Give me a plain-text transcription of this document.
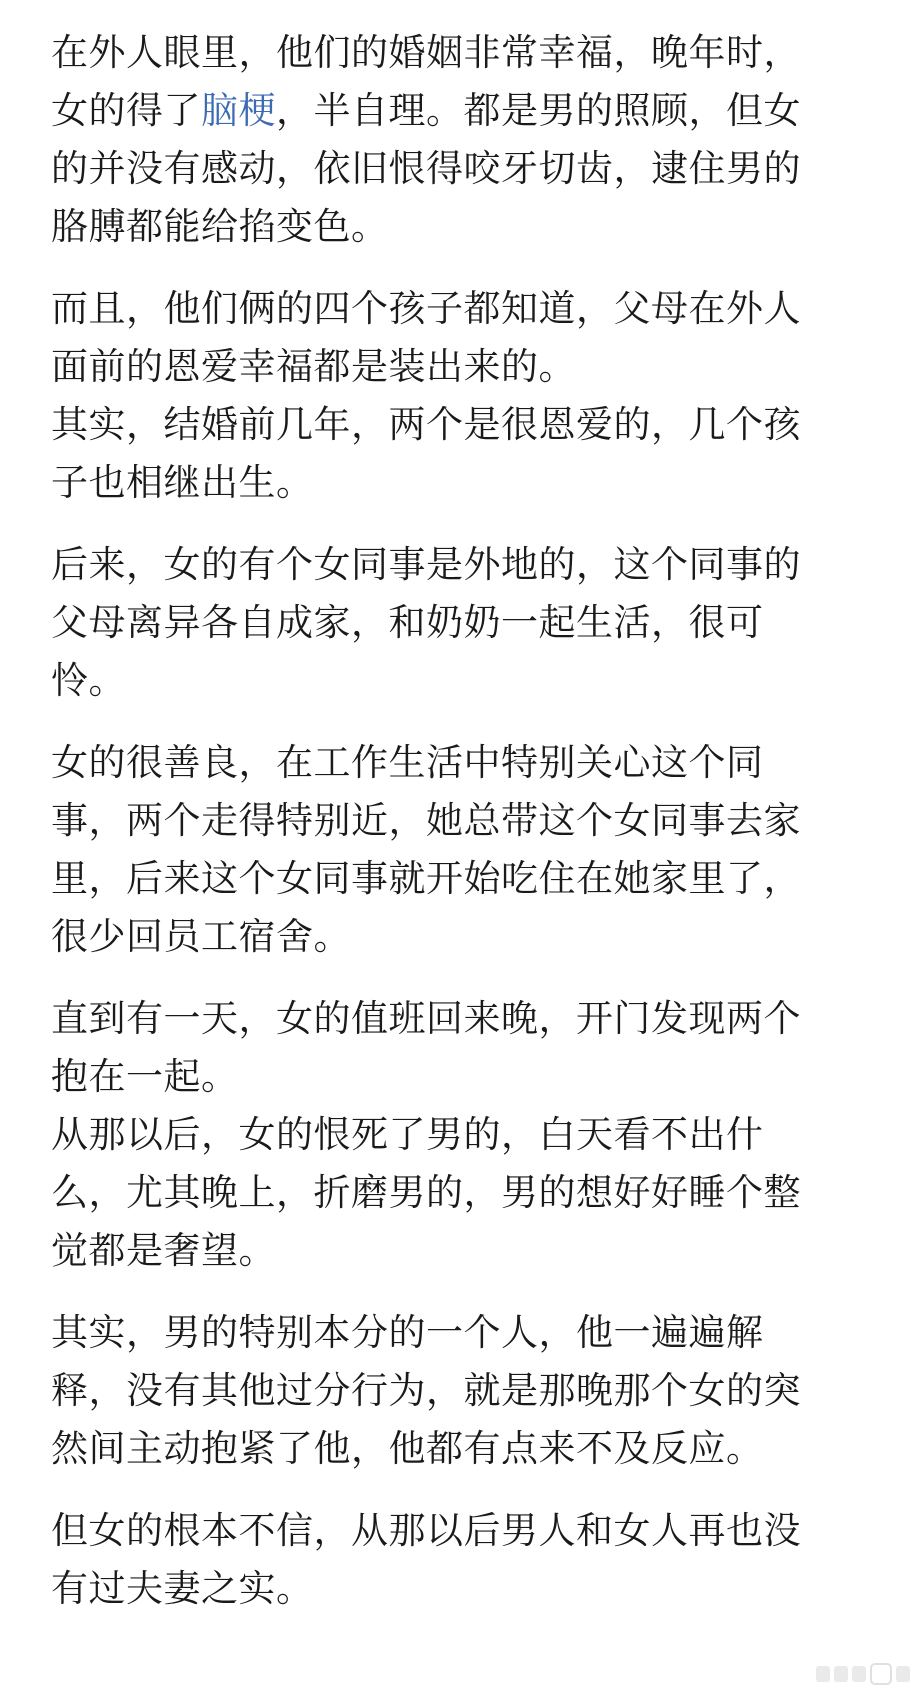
在外人眼里，他们的婚姻非常幸福，晚年时，
女的得了脑梗，半自理。都是男的照顾，但女
的并没有感动，依旧恨得咬牙切齿，逮住男的
胳膊都能给掐变色。

而且，他们俩的四个孩子都知道，父母在外人
面前的恩爱幸福都是装出来的。

其实，结婚前几年，两个是很恩爱的，几个孩
子也相继出生。

后来，女的有个女同事是外地的，这个同事的
父母离异各自成家，和奶奶一起生活，很可
怜。

女的很善良，在工作生活中特别关心这个同
事，两个走得特别近，她总带这个女同事去家
里，后来这个女同事就开始吃住在她家里了，
很少回员工宿舍。

直到有一天，女的值班回来晚，开门发现两个
抱在一起。

从那以后，女的恨死了男的，白天看不出什
么，尤其晚上，折磨男的，男的想好好睡个整
觉都是奢望。

其实，男的特别本分的一个人，他一遍遍解
释，没有其他过分行为，就是那晚那个女的突
然间主动抱紧了他，他都有点来不及反应。

但女的根本不信，从那以后男人和女人再也没
有过夫妻之实。
